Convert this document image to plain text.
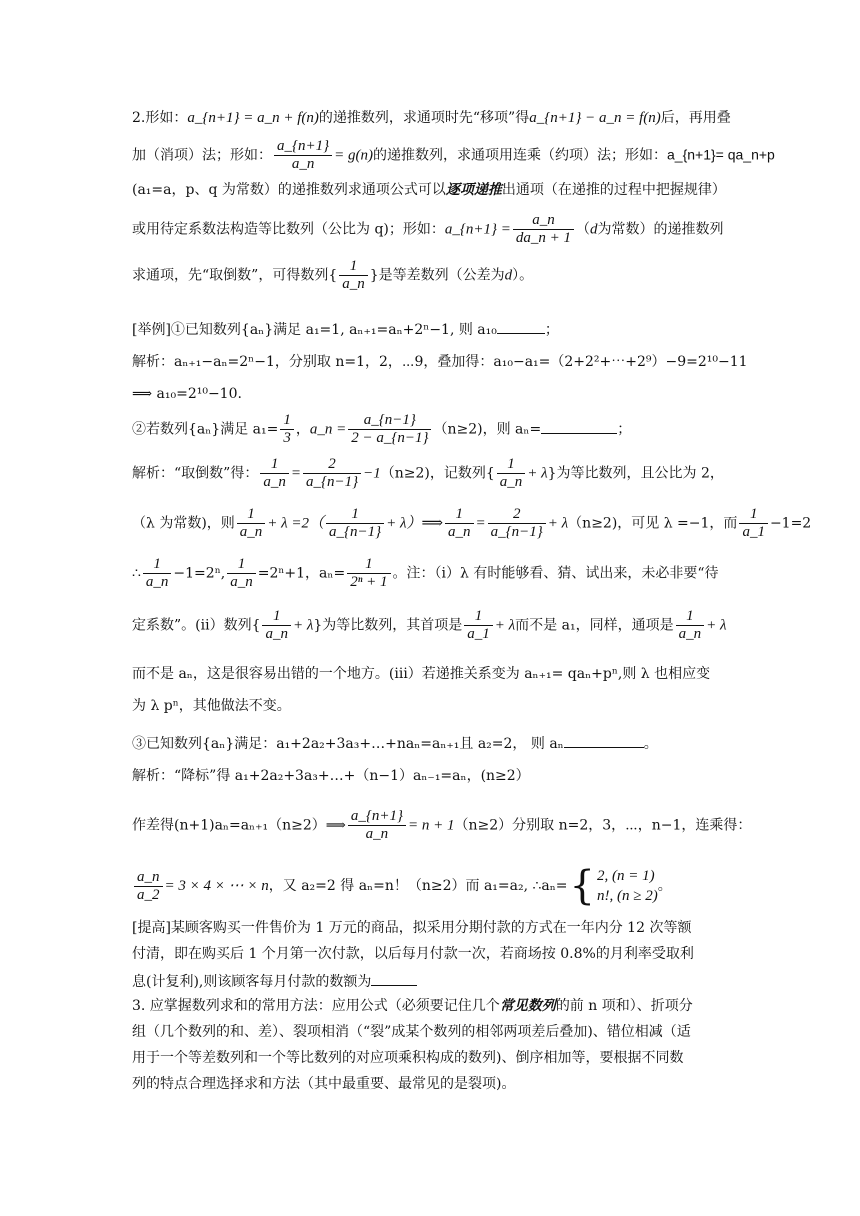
2.形如：a_{n+1} = a_n + f(n)的递推数列，求通项时先“移项”得a_{n+1} − a_n = f(n)后，再用叠
加（消项）法；形如： $\frac{a\_\{n+1\}}{a\_n} = g(n)$的递推数列，求通项用连乘（约项）法；形如：a_{n+1}= qa_n+p
(a₁=a，p、q 为常数）的递推数列求通项公式可以逐项递推出通项（在递推的过程中把握规律）
或用待定系数法构造等比数列（公比为 q)；形如：a_{n+1} = $\frac{a\_n}{da\_n + 1} (d$为常数）的递推数列
求通项，先“取倒数”，可得数列{ $\frac{1}{a\_n}$ }是等差数列（公差为d）。
[举例]①已知数列{aₙ}满足 a₁=1, aₙ₊₁=aₙ+2ⁿ−1, 则 a₁₀	；
解析：aₙ₊₁−aₙ=2ⁿ−1，分别取 n=1，2，⋯9，叠加得：a₁₀−a₁=（2+2²+⋯+2⁹）−9=2¹⁰−11
⟹ a₁₀=2¹⁰−10.
②若数列{aₙ}满足 $a_1= \frac{1}{3}$ ，a_n = $\frac{a\_\{n-1\}}{2 - a\_\{n-1\}} (n\ge 2)$，则 aₙ=	；
解析：“取倒数”得： $\frac{1}{a\_n} = \frac{2}{a\_\{n-1\}} -1(n\ge 2)$，记数列{ $\frac{1}{a\_n} + \lambda$}为等比数列，且公比为 2，
（λ 为常数)，则 $\frac{1}{a\_n} + \lambda =2( \frac{1}{a\_\{n-1\}}$ + λ）⟹ $\frac{1}{a\_n} = \frac{2}{a\_\{n-1\}} + \lambda(n\ge 2)$，可见 λ =−1，而 $\frac{1}{a\_1} -1=2$
∴ $\frac{1}{a\_n} -1=2^n$, $\frac{1}{a\_n} =2^n+1$，$a_n= \frac{1}{\text{2ⁿ + 1}}$ 。注：（ⅰ）λ 有时能够看、猜、试出来，未必非要“待
定系数”。(ⅱ）数列{ $\frac{1}{a\_n} + \lambda$}为等比数列，其首项是 $\frac{1}{a\_1} + \lambda$而不是 a₁，同样，通项是 $\frac{1}{a\_n} + \lambda$
而不是 aₙ，这是很容易出错的一个地方。(ⅲ）若递推关系变为 aₙ₊₁= qaₙ+pⁿ,则 λ 也相应变
为 λ pⁿ，其他做法不变。
③已知数列{aₙ}满足：a₁+2a₂+3a₃+…+naₙ=aₙ₊₁且 a₂=2， 则 aₙ	。
解析：“降标”得 a₁+2a₂+3a₃+…+（n−1）aₙ₋₁=aₙ，(n≥2）
作差得(n+1)aₙ=aₙ₊₁（n≥2）⟹ $\frac{a\_\{n+1\}}{a\_n} = n + 1(n\ge 2)$分别取 n=2，3，⋯，n−1，连乘得：
$\frac{a\_n}{a\_2} = 3 \times 4$ × ⋯ × n，又 a₂=2 得 aₙ=n！（n≥2）而 a₁=a₂, ∴aₙ={ 2, (n = 1)
n!, (n ≥ 2)
。
[提高]某顾客购买一件售价为 1 万元的商品，拟采用分期付款的方式在一年内分 12 次等额
付清，即在购买后 1 个月第一次付款，以后每月付款一次，若商场按 0.8%的月利率受取利
息(计复利),则该顾客每月付款的数额为
3. 应掌握数列求和的常用方法：应用公式（必须要记住几个常见数列的前 n 项和）、折项分
组（几个数列的和、差）、裂项相消（“裂”成某个数列的相邻两项差后叠加)、错位相减（适
用于一个等差数列和一个等比数列的对应项乘积构成的数列)、倒序相加等，要根据不同数
列的特点合理选择求和方法（其中最重要、最常见的是裂项)。
